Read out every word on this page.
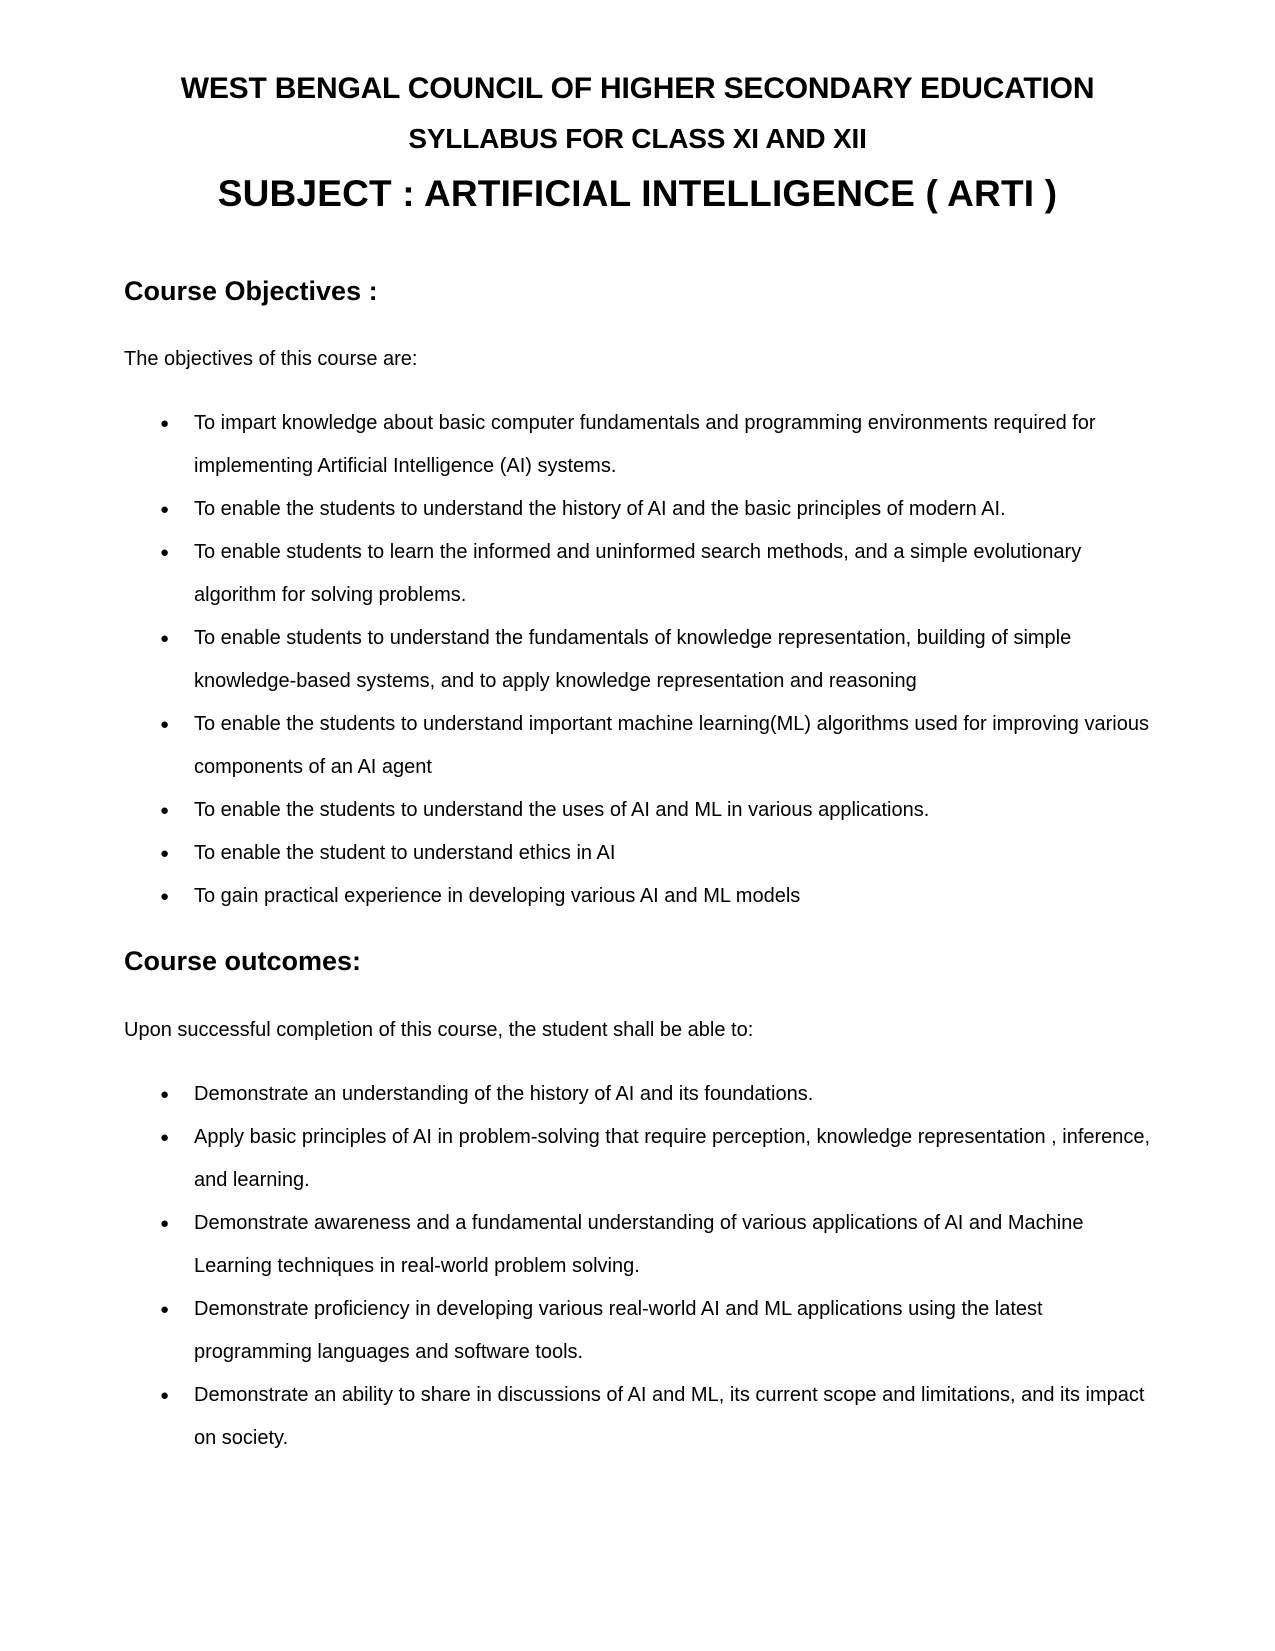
WEST BENGAL COUNCIL OF HIGHER SECONDARY EDUCATION
SYLLABUS FOR CLASS XI AND XII
SUBJECT : ARTIFICIAL INTELLIGENCE ( ARTI )
Course Objectives :
The objectives of this course are:
● To impart knowledge about basic computer fundamentals and programming environments required for implementing Artificial Intelligence (AI) systems.
● To enable the students to understand the history of AI and the basic principles of modern AI.
● To enable students to learn the informed and uninformed search methods, and a simple evolutionary algorithm for solving problems.
● To enable students to understand the fundamentals of knowledge representation, building of simple knowledge-based systems, and to apply knowledge representation and reasoning
● To enable the students to understand important machine learning(ML) algorithms used for improving various components of an AI agent
● To enable the students to understand the uses of AI and ML in various applications.
● To enable the student to understand ethics in AI
● To gain practical experience in developing various AI and ML models
Course outcomes:
Upon successful completion of this course, the student shall be able to:
● Demonstrate an understanding of the history of AI and its foundations.
● Apply basic principles of AI in problem-solving that require perception, knowledge representation , inference, and learning.
● Demonstrate awareness and a fundamental understanding of various applications of AI and Machine Learning techniques in real-world problem solving.
● Demonstrate proficiency in developing various real-world AI and ML applications using the latest programming languages and software tools.
● Demonstrate an ability to share in discussions of AI and ML, its current scope and limitations, and its impact on society.
